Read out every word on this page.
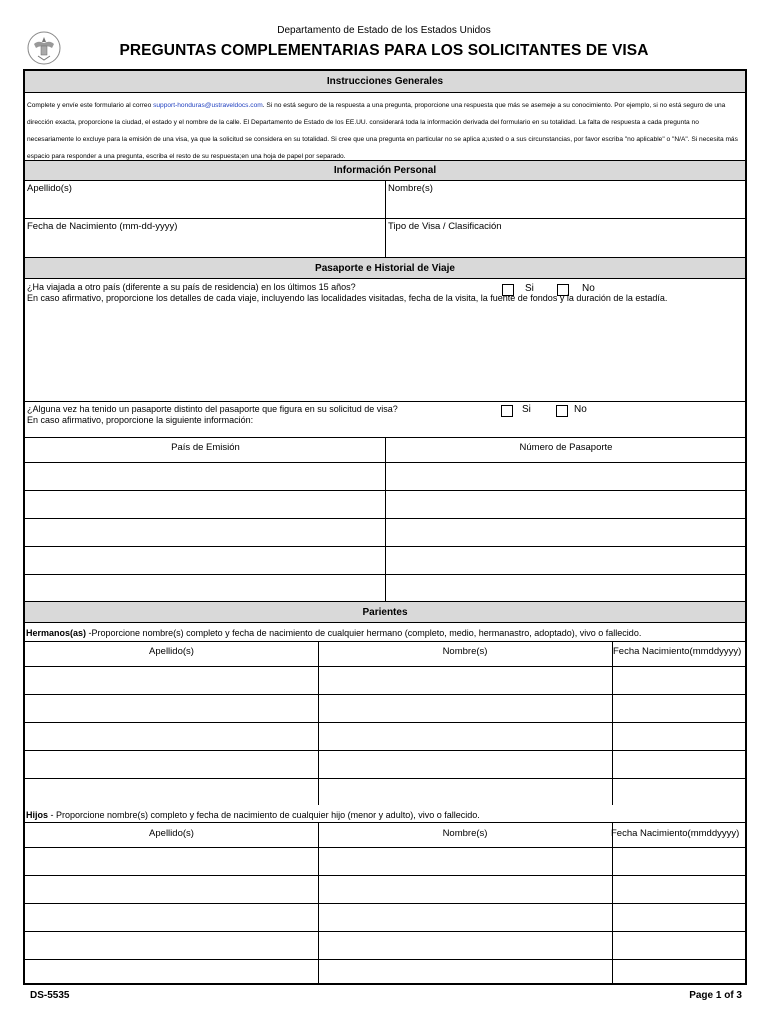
Departamento de Estado de los Estados Unidos
PREGUNTAS COMPLEMENTARIAS PARA LOS SOLICITANTES DE VISA
Instrucciones Generales
Complete y envíe este formulario al correo support-honduras@ustraveldocs.com. Si no está seguro de la respuesta a una pregunta, proporcione una respuesta que más se asemeje a su conocimiento. Por ejemplo, si no está seguro de una dirección exacta, proporcione la ciudad, el estado y el nombre de la calle. El Departamento de Estado de los EE.UU. considerará toda la información derivada del formulario en su totalidad. La falta de respuesta a cada pregunta no necesariamente lo excluye para la emisión de una visa, ya que la solicitud se considera en su totalidad. Si cree que una pregunta en particular no se aplica a;usted o a sus circunstancias, por favor escriba "no aplicable" o "N/A". Si necesita más espacio para responder a una pregunta, escriba el resto de su respuesta;en una hoja de papel por separado.
Información Personal
Apellido(s)	Nombre(s)
Fecha de Nacimiento (mm-dd-yyyy)	Tipo de Visa / Clasificación
Pasaporte e Historial de Viaje
¿Ha viajada a otro país (diferente a su país de residencia) en los últimos 15 años?	Si	No
En caso afirmativo, proporcione los detalles de cada viaje, incluyendo las localidades visitadas, fecha de la visita, la fuente de fondos y la duración de la estadía.
¿Alguna vez ha tenido un pasaporte distinto del pasaporte que figura en su solicitud de visa?	Si	No
En caso afirmativo, proporcione la siguiente información:
País de Emisión	Número de Pasaporte
Parientes
Hermanos(as) -Proporcione nombre(s) completo y fecha de nacimiento de cualquier hermano (completo, medio, hermanastro, adoptado), vivo o fallecido.
Apellido(s)	Nombre(s)	Fecha Nacimiento(mmddyyyy)
Hijos - Proporcione nombre(s) completo y fecha de nacimiento de cualquier hijo (menor y adulto), vivo o fallecido.
Apellido(s)	Nombre(s)	Fecha Nacimiento(mmddyyyy)
DS-5535	Page 1 of 3
